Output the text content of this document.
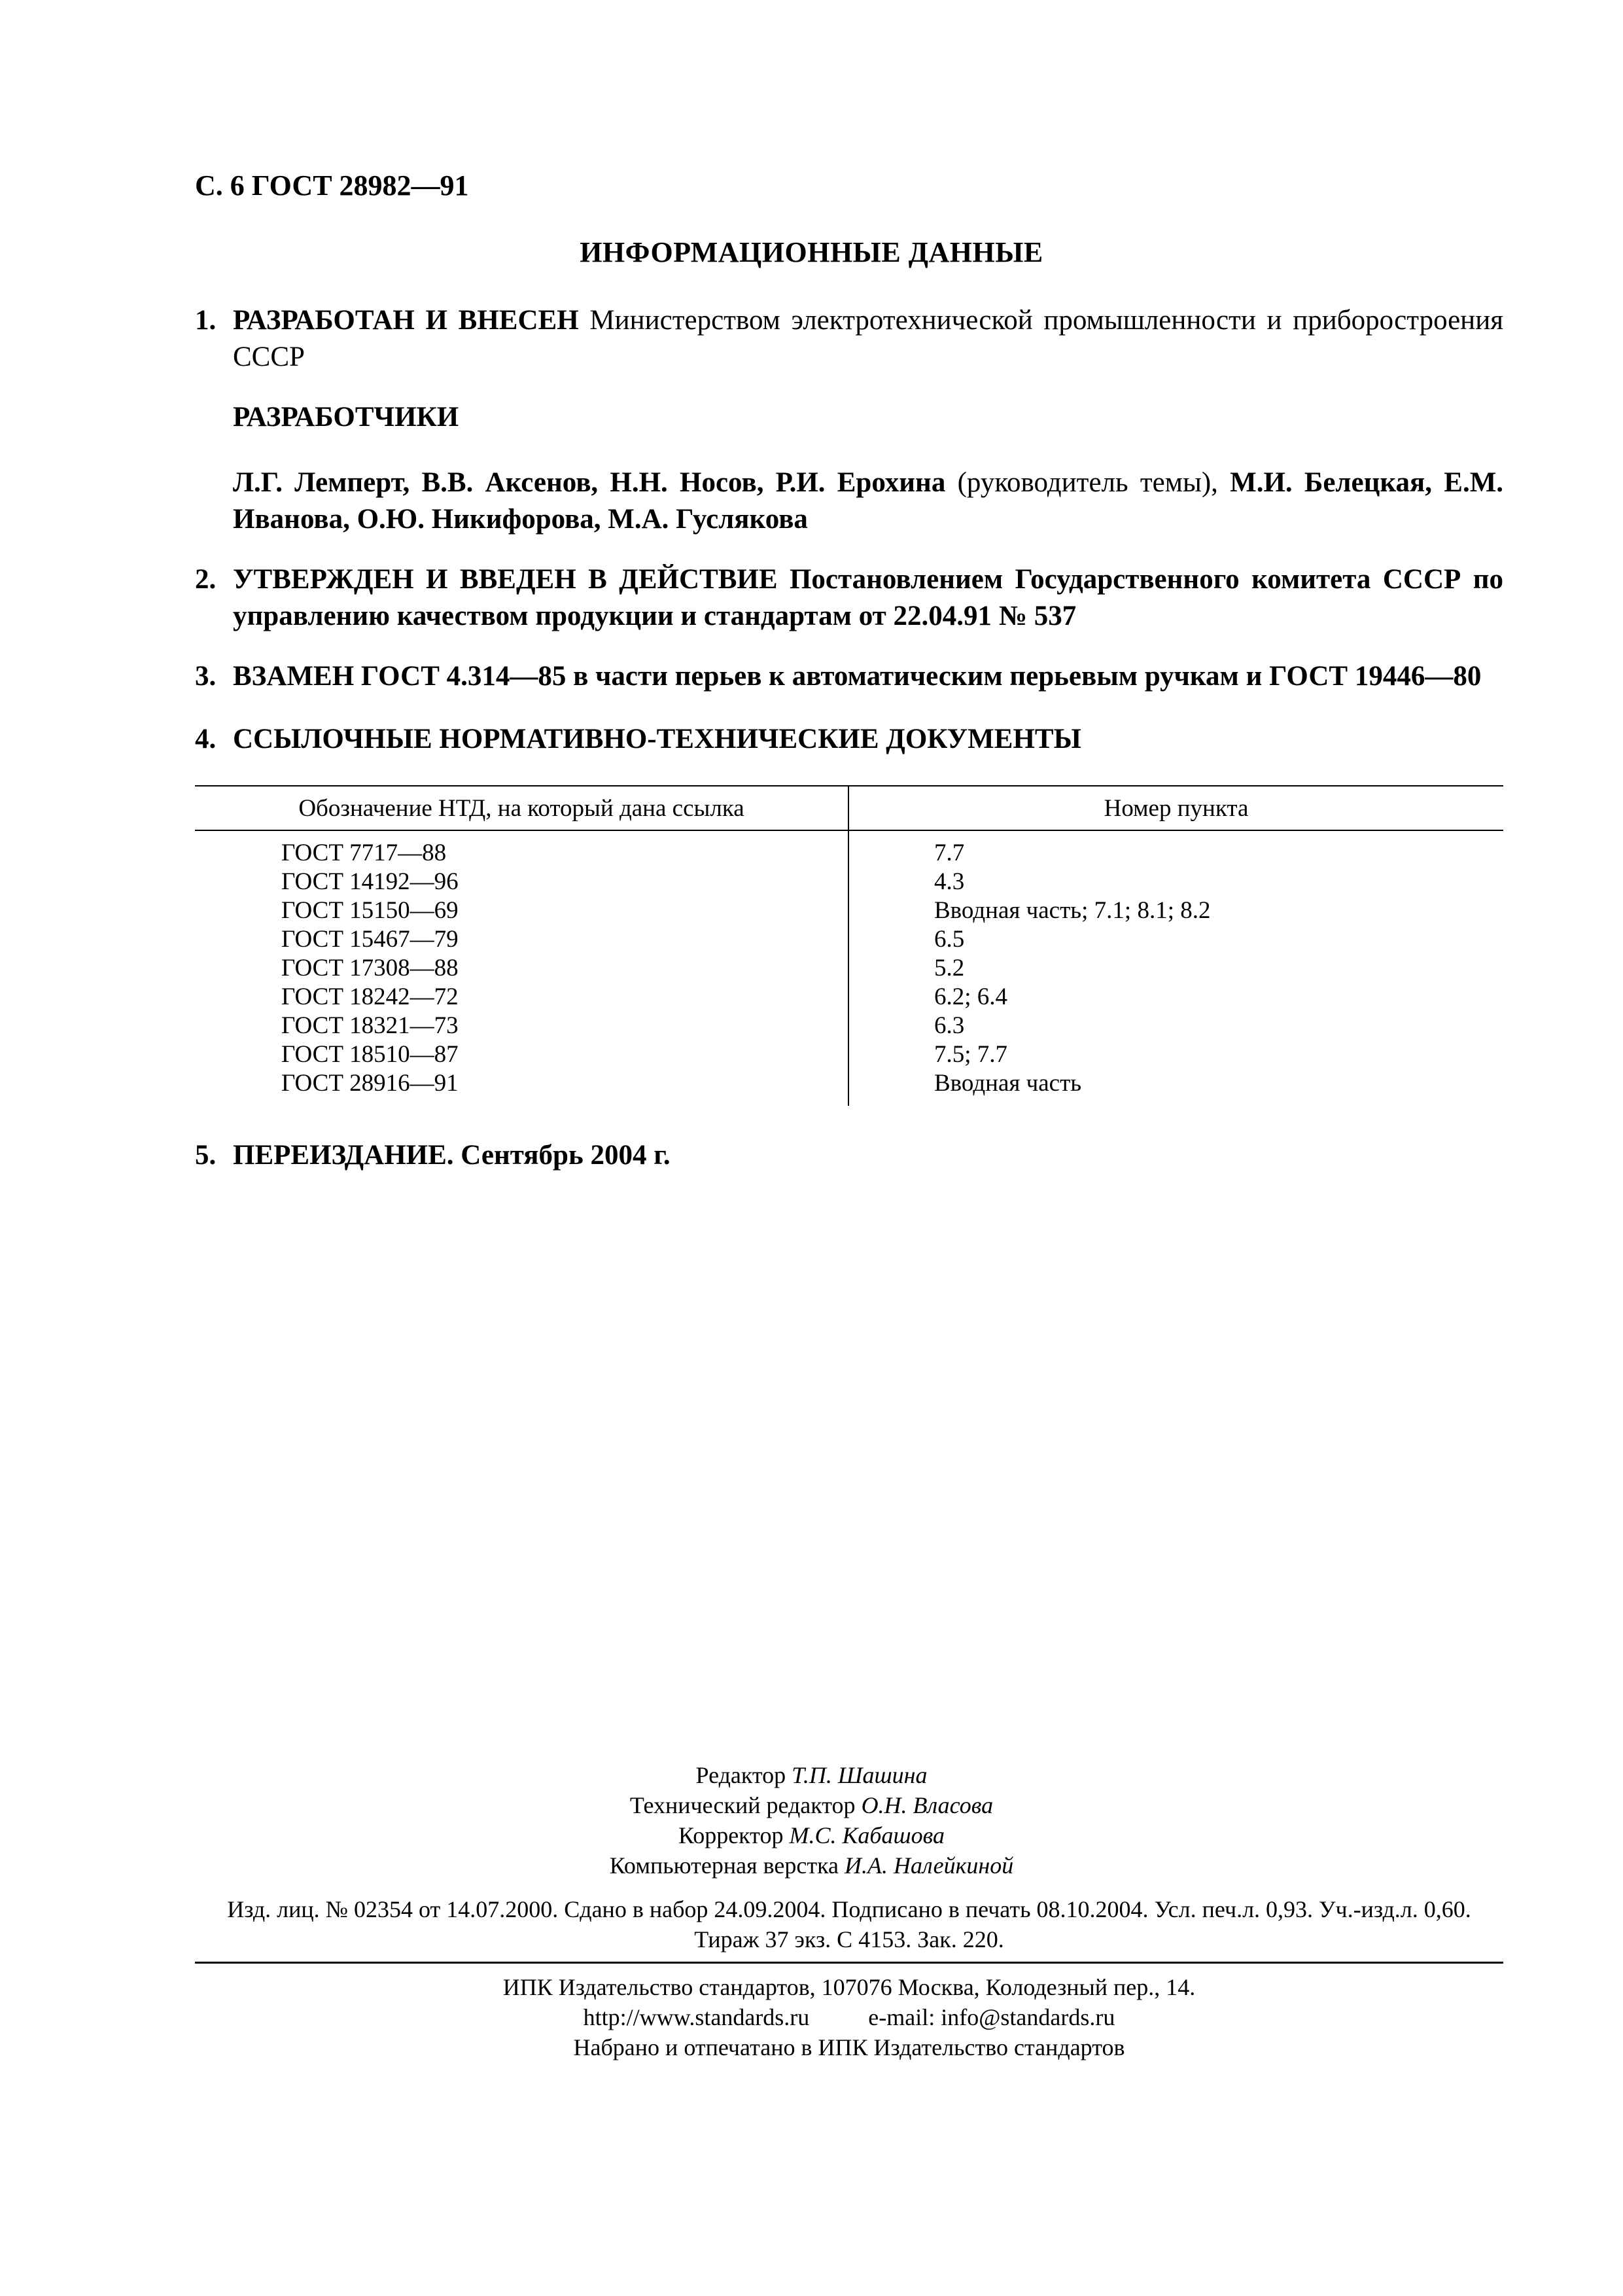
С. 6 ГОСТ 28982—91
ИНФОРМАЦИОННЫЕ ДАННЫЕ
1. РАЗРАБОТАН И ВНЕСЕН Министерством электротехнической промышленности и приборостроения СССР
РАЗРАБОТЧИКИ
Л.Г. Лемперт, В.В. Аксенов, Н.Н. Носов, Р.И. Ерохина (руководитель темы), М.И. Белецкая, Е.М. Иванова, О.Ю. Никифорова, М.А. Гуслякова
2. УТВЕРЖДЕН И ВВЕДЕН В ДЕЙСТВИЕ Постановлением Государственного комитета СССР по управлению качеством продукции и стандартам от 22.04.91 № 537
3. ВЗАМЕН ГОСТ 4.314—85 в части перьев к автоматическим перьевым ручкам и ГОСТ 19446—80
4. ССЫЛОЧНЫЕ НОРМАТИВНО-ТЕХНИЧЕСКИЕ ДОКУМЕНТЫ
Обозначение НТД, на который дана ссылка	Номер пункта
ГОСТ 7717—88	7.7
ГОСТ 14192—96	4.3
ГОСТ 15150—69	Вводная часть; 7.1; 8.1; 8.2
ГОСТ 15467—79	6.5
ГОСТ 17308—88	5.2
ГОСТ 18242—72	6.2; 6.4
ГОСТ 18321—73	6.3
ГОСТ 18510—87	7.5; 7.7
ГОСТ 28916—91	Вводная часть
5. ПЕРЕИЗДАНИЕ. Сентябрь 2004 г.
Редактор Т.П. Шашина
Технический редактор О.Н. Власова
Корректор М.С. Кабашова
Компьютерная верстка И.А. Налейкиной
Изд. лиц. № 02354 от 14.07.2000. Сдано в набор 24.09.2004. Подписано в печать 08.10.2004. Усл. печ.л. 0,93. Уч.-изд.л. 0,60.
Тираж 37 экз. С 4153. Зак. 220.
ИПК Издательство стандартов, 107076 Москва, Колодезный пер., 14.
http://www.standards.ru	e-mail: info@standards.ru
Набрано и отпечатано в ИПК Издательство стандартов
